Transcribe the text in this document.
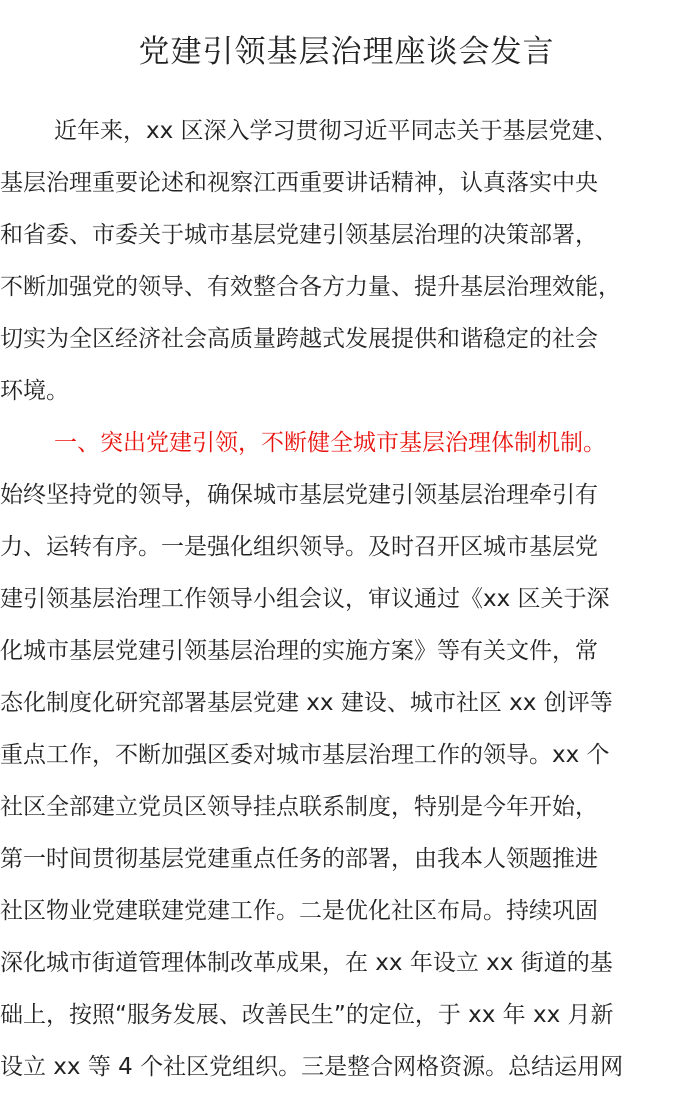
党建引领基层治理座谈会发言
近年来，xx 区深入学习贯彻习近平同志关于基层党建、
基层治理重要论述和视察江西重要讲话精神，认真落实中央
和省委、市委关于城市基层党建引领基层治理的决策部署，
不断加强党的领导、有效整合各方力量、提升基层治理效能，
切实为全区经济社会高质量跨越式发展提供和谐稳定的社会
环境。
一、突出党建引领，不断健全城市基层治理体制机制。
始终坚持党的领导，确保城市基层党建引领基层治理牵引有
力、运转有序。一是强化组织领导。及时召开区城市基层党
建引领基层治理工作领导小组会议，审议通过《xx 区关于深
化城市基层党建引领基层治理的实施方案》等有关文件，常
态化制度化研究部署基层党建 xx 建设、城市社区 xx 创评等
重点工作，不断加强区委对城市基层治理工作的领导。xx 个
社区全部建立党员区领导挂点联系制度，特别是今年开始，
第一时间贯彻基层党建重点任务的部署，由我本人领题推进
社区物业党建联建党建工作。二是优化社区布局。持续巩固
深化城市街道管理体制改革成果，在 xx 年设立 xx 街道的基
础上，按照“服务发展、改善民生”的定位，于 xx 年 xx 月新
设立 xx 等 4 个社区党组织。三是整合网格资源。总结运用网
